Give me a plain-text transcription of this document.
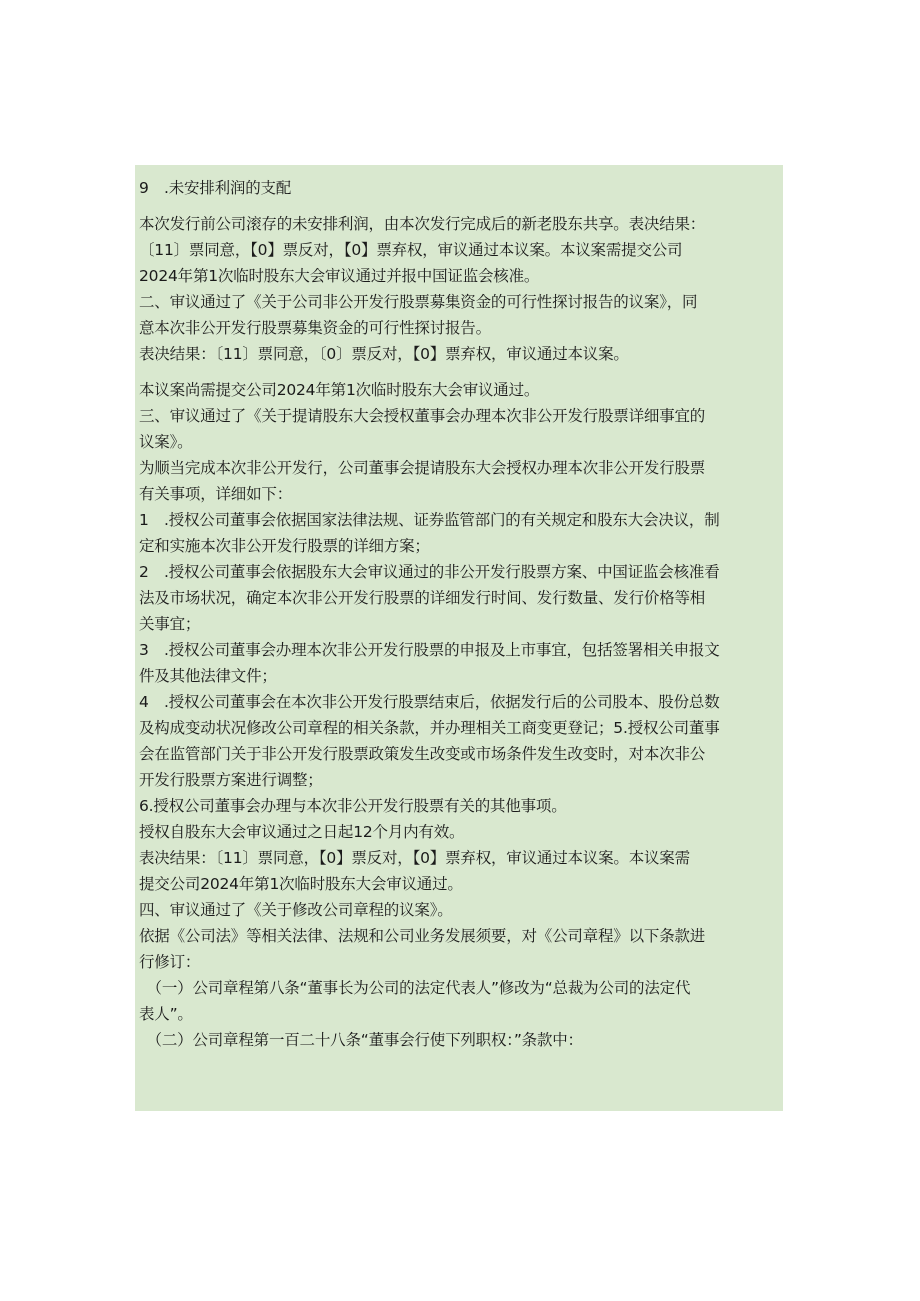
9　.未安排利润的支配
本次发行前公司滚存的未安排利润，由本次发行完成后的新老股东共享。表决结果：
〔11〕票同意，【0】票反对，【0】票弃权，审议通过本议案。本议案需提交公司
2024年第1次临时股东大会审议通过并报中国证监会核准。
二、审议通过了《关于公司非公开发行股票募集资金的可行性探讨报告的议案》，同
意本次非公开发行股票募集资金的可行性探讨报告。
表决结果：〔11〕票同意，〔0〕票反对，【0】票弃权，审议通过本议案。
本议案尚需提交公司2024年第1次临时股东大会审议通过。
三、审议通过了《关于提请股东大会授权董事会办理本次非公开发行股票详细事宜的
议案》。
为顺当完成本次非公开发行，公司董事会提请股东大会授权办理本次非公开发行股票
有关事项，详细如下：
1　.授权公司董事会依据国家法律法规、证券监管部门的有关规定和股东大会决议，制
定和实施本次非公开发行股票的详细方案；
2　.授权公司董事会依据股东大会审议通过的非公开发行股票方案、中国证监会核准看
法及市场状况，确定本次非公开发行股票的详细发行时间、发行数量、发行价格等相
关事宜；
3　.授权公司董事会办理本次非公开发行股票的申报及上市事宜，包括签署相关申报文
件及其他法律文件；
4　.授权公司董事会在本次非公开发行股票结束后，依据发行后的公司股本、股份总数
及构成变动状况修改公司章程的相关条款，并办理相关工商变更登记；5.授权公司董事
会在监管部门关于非公开发行股票政策发生改变或市场条件发生改变时，对本次非公
开发行股票方案进行调整；
6.授权公司董事会办理与本次非公开发行股票有关的其他事项。
授权自股东大会审议通过之日起12个月内有效。
表决结果：〔11〕票同意，【0】票反对，【0】票弃权，审议通过本议案。本议案需
提交公司2024年第1次临时股东大会审议通过。
四、审议通过了《关于修改公司章程的议案》。
依据《公司法》等相关法律、法规和公司业务发展须要，对《公司章程》以下条款进
行修订：
　（一）公司章程第八条“董事长为公司的法定代表人”修改为“总裁为公司的法定代
表人”。
　（二）公司章程第一百二十八条“董事会行使下列职权：”条款中：
